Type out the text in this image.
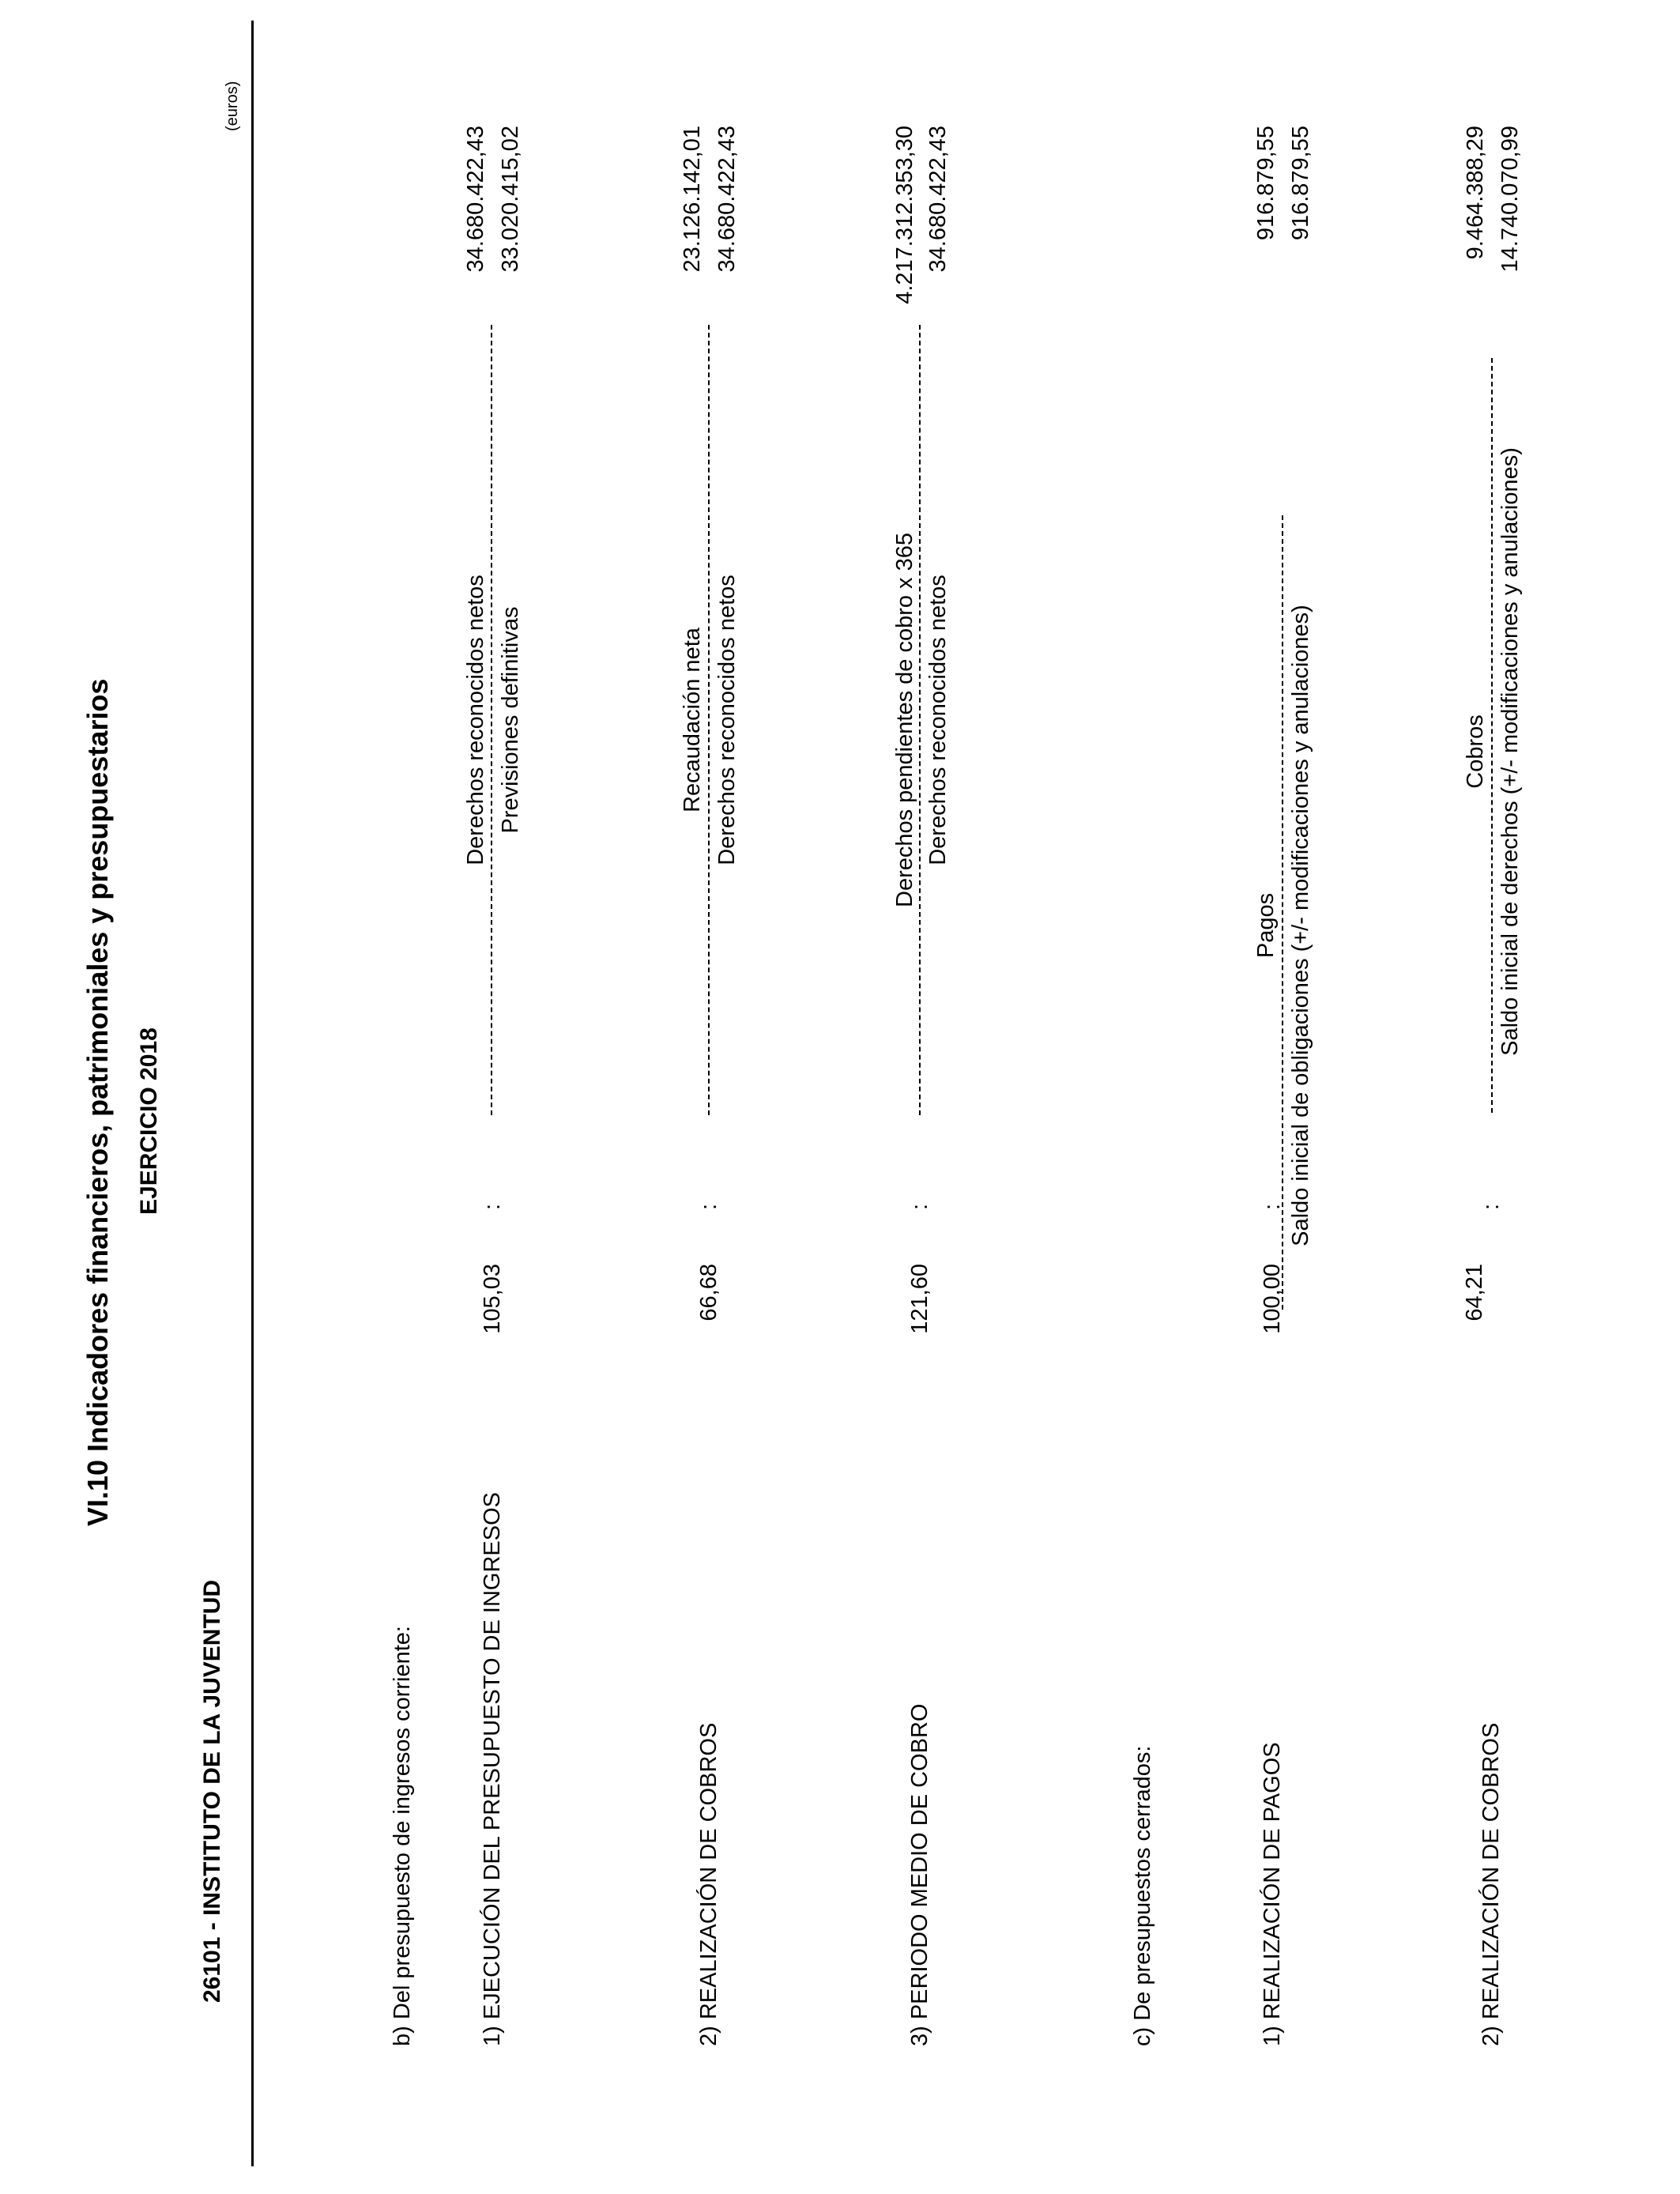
VI.10 Indicadores financieros, patrimoniales y presupuestarios EJERCICIO 2018
26101 - INSTITUTO DE LA JUVENTUD
(euros)
b) Del presupuesto de ingresos corriente:	1) EJECUCIÓN DEL PRESUPUESTO DE INGRESOS
105,03
:
Derechos reconocidos netos Previsiones definitivas
34.680.422,43 33.020.415,02
2) REALIZACIÓN DE COBROS
66,68
:
Recaudación neta Derechos reconocidos netos
23.126.142,01 34.680.422,43
3) PERIODO MEDIO DE COBRO
121,60
:
Derechos pendientes de cobro x 365 Derechos reconocidos netos
4.217.312.353,30 34.680.422,43
c) De presupuestos cerrados:	1) REALIZACIÓN DE PAGOS
100,00
:
Pagos Saldo inicial de obligaciones (+/- modificaciones y anulaciones)
916.879,55 916.879,55
2) REALIZACIÓN DE COBROS
64,21
:
Cobros Saldo inicial de derechos (+/- modificaciones y anulaciones)
9.464.388,29 14.740.070,99
